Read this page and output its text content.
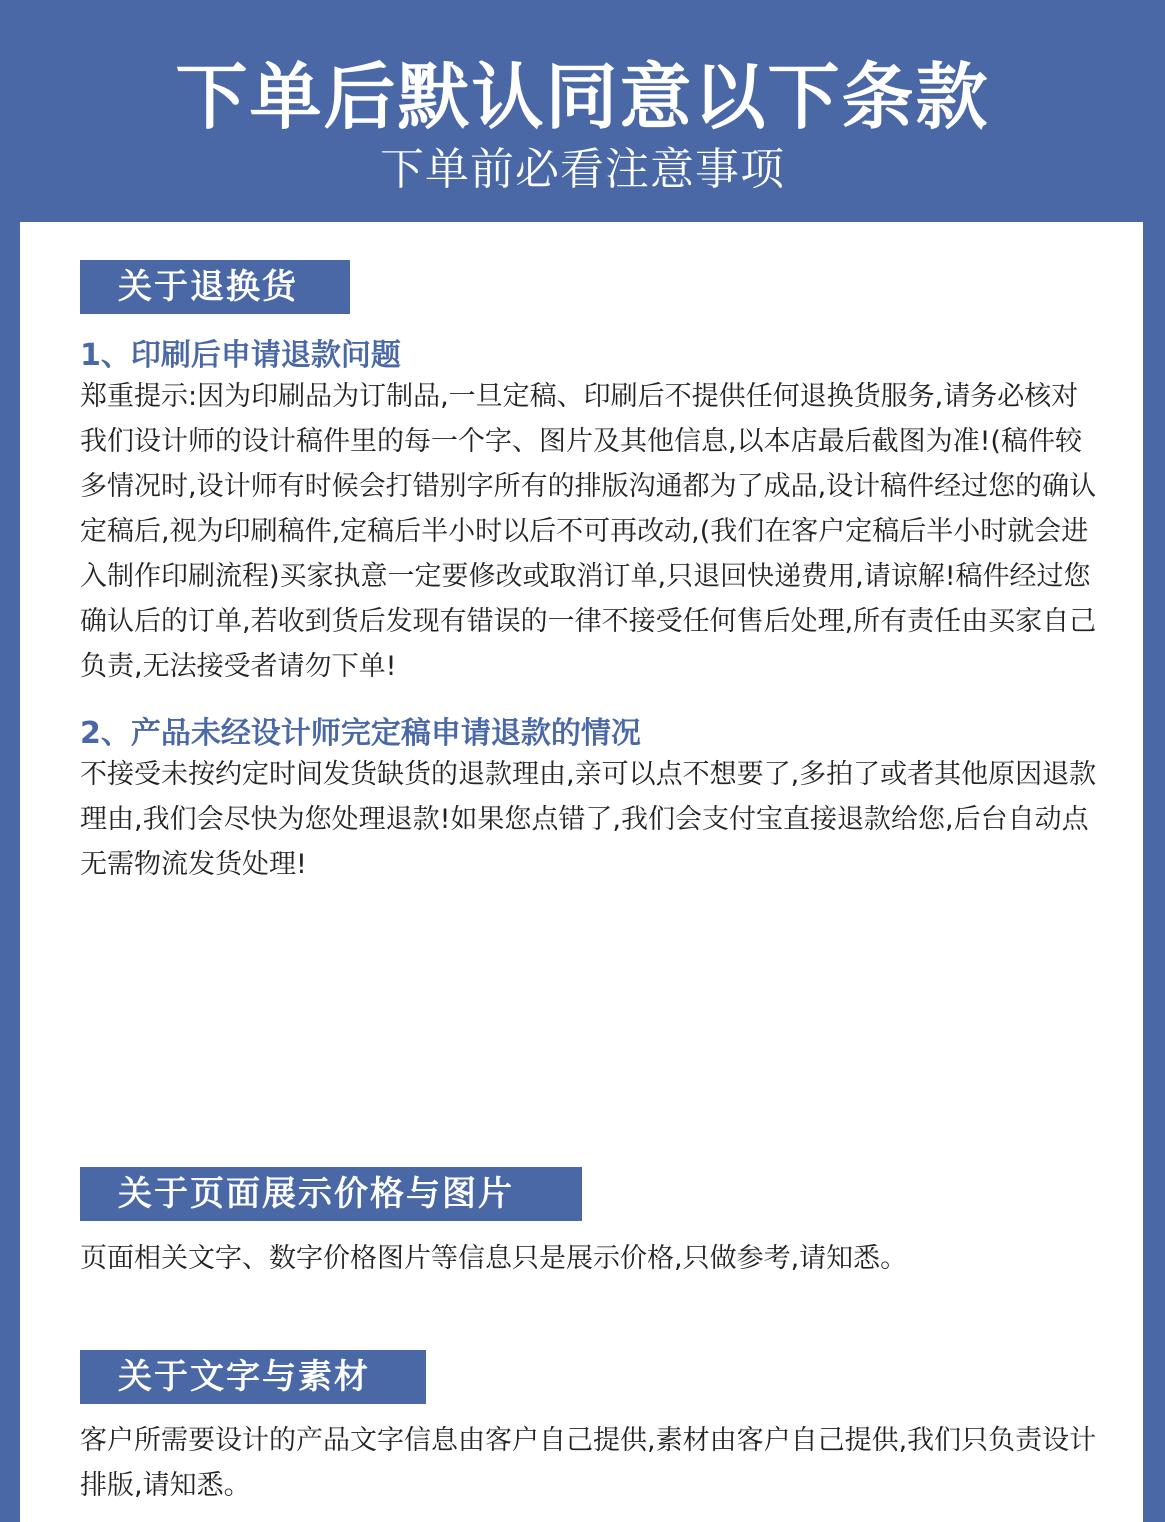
下单后默认同意以下条款
下单前必看注意事项
关于退换货
1、印刷后申请退款问题

郑重提示:因为印刷品为订制品,一旦定稿、印刷后不提供任何退换货服务,请务必核对我们设计师的设计稿件里的每一个字、图片及其他信息,以本店最后截图为准!(稿件较多情况时,设计师有时候会打错别字所有的排版沟通都为了成品,设计稿件经过您的确认定稿后,视为印刷稿件,定稿后半小时以后不可再改动,(我们在客户定稿后半小时就会进入制作印刷流程)买家执意一定要修改或取消订单,只退回快递费用,请谅解!稿件经过您确认后的订单,若收到货后发现有错误的一律不接受任何售后处理,所有责任由买家自己负责,无法接受者请勿下单!

2、产品未经设计师完定稿申请退款的情况

不接受未按约定时间发货缺货的退款理由,亲可以点不想要了,多拍了或者其他原因退款理由,我们会尽快为您处理退款!如果您点错了,我们会支付宝直接退款给您,后台自动点无需物流发货处理!

关于页面展示价格与图片

页面相关文字、数字价格图片等信息只是展示价格,只做参考,请知悉。

关于文字与素材

客户所需要设计的产品文字信息由客户自己提供,素材由客户自己提供,我们只负责设计排版,请知悉。
